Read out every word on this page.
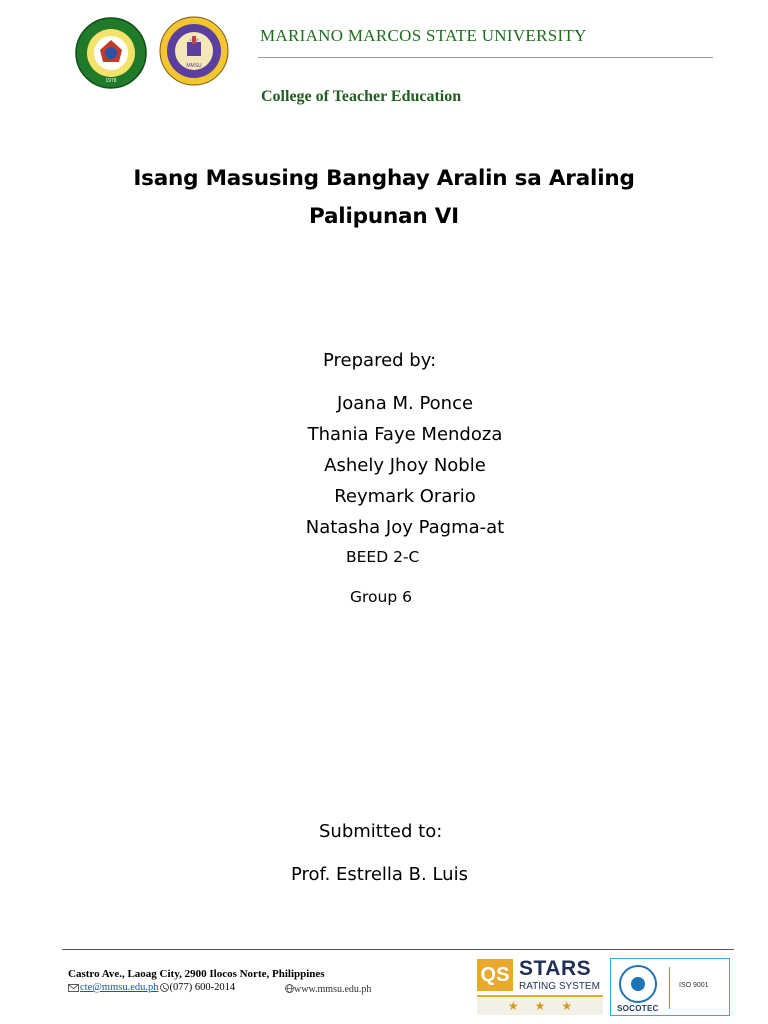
1978
MMSU
1978	MARIANO MARCOS STATE UNIVERSITY
College of Teacher Education
Isang Masusing Banghay Aralin sa Araling
Palipunan VI
Prepared by:
Joana M. Ponce
Thania Faye Mendoza
Ashely Jhoy Noble
Reymark Orario
Natasha Joy Pagma-at
BEED 2-C
Group 6
Submitted to:
Prof. Estrella B. Luis
Castro Ave., Laoag City, 2900 Ilocos Norte, Philippines
cte@mmsu.edu.ph (077) 600-2014	www.mmsu.edu.ph
QS STARS
RATING SYSTEM
★ ★ ★	SOCOTEC
ISO 9001
